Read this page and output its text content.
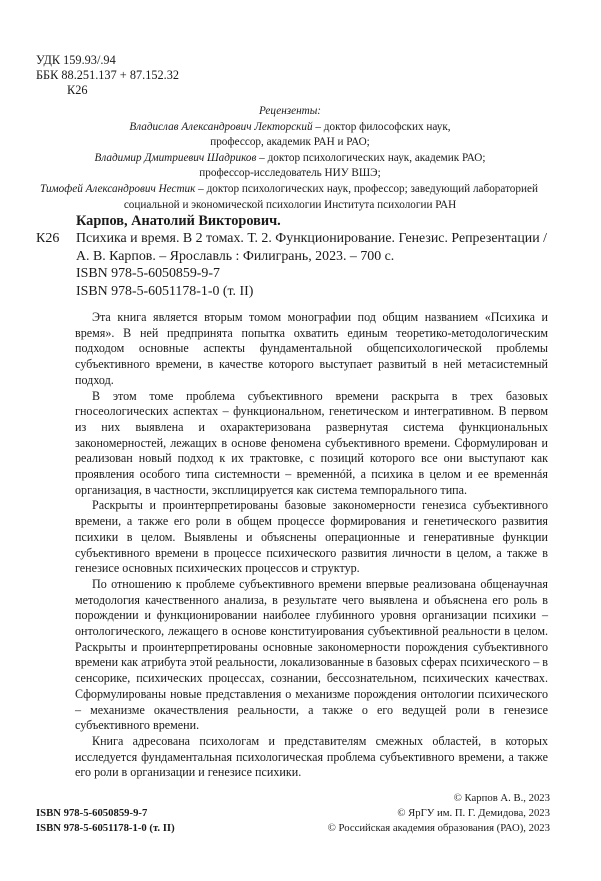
УДК 159.93/.94
ББК 88.251.137 + 87.152.32
К26
Рецензенты:
Владислав Александрович Лекторский – доктор философских наук,
профессор, академик РАН и РАО;
Владимир Дмитриевич Шадриков – доктор психологических наук, академик РАО;
профессор-исследователь НИУ ВШЭ;
Тимофей Александрович Нестик – доктор психологических наук, профессор; заведующий лабораторией
социальной и экономической психологии Института психологии РАН
Карпов, Анатолий Викторович.
К26	Психика и время. В 2 томах. Т. 2. Функционирование. Генезис. Репрезентации /
А. В. Карпов. – Ярославль : Филигрань, 2023. – 700 с.
ISBN 978-5-6050859-9-7
ISBN 978-5-6051178-1-0 (т. II)

Эта книга является вторым томом монографии под общим названием «Психика и время». В ней предпринята попытка охватить единым теоретико-методологическим подходом основные аспекты фундаментальной общепсихологической проблемы субъективного времени, в качестве которого выступает развитый в ней метасистемный подход.

В этом томе проблема субъективного времени раскрыта в трех базовых гносеологических аспектах – функциональном, генетическом и интегративном. В первом из них выявлена и охарактеризована развернутая система функциональных закономерностей, лежащих в основе феномена субъективного времени. Сформулирован и реализован новый подход к их трактовке, с позиций которого все они выступают как проявления особого типа системности – временнóй, а психика в целом и ее временнáя организация, в частности, эксплицируется как система темпорального типа.

Раскрыты и проинтерпретированы базовые закономерности генезиса субъективного времени, а также его роли в общем процессе формирования и генетического развития психики в целом. Выявлены и объяснены операционные и генеративные функции субъективного времени в процессе психического развития личности в целом, а также в генезисе основных психических процессов и структур.

По отношению к проблеме субъективного времени впервые реализована общенаучная методология качественного анализа, в результате чего выявлена и объяснена его роль в порождении и функционировании наиболее глубинного уровня организации психики – онтологического, лежащего в основе конституирования субъективной реальности в целом. Раскрыты и проинтерпретированы основные закономерности порождения субъективного времени как атрибута этой реальности, локализованные в базовых сферах психического – в сенсорике, психических процессах, сознании, бессознательном, психических качествах. Сформулированы новые представления о механизме порождения онтологии психического – механизме окачествления реальности, а также о его ведущей роли в генезисе субъективного времени.

Книга адресована психологам и представителям смежных областей, в которых исследуется фундаментальная психологическая проблема субъективного времени, а также его роли в организации и генезисе психики.

ISBN 978-5-6050859-9-7
ISBN 978-5-6051178-1-0 (т. II)
© Карпов А. В., 2023
© ЯрГУ им. П. Г. Демидова, 2023
© Российская академия образования (РАО), 2023
